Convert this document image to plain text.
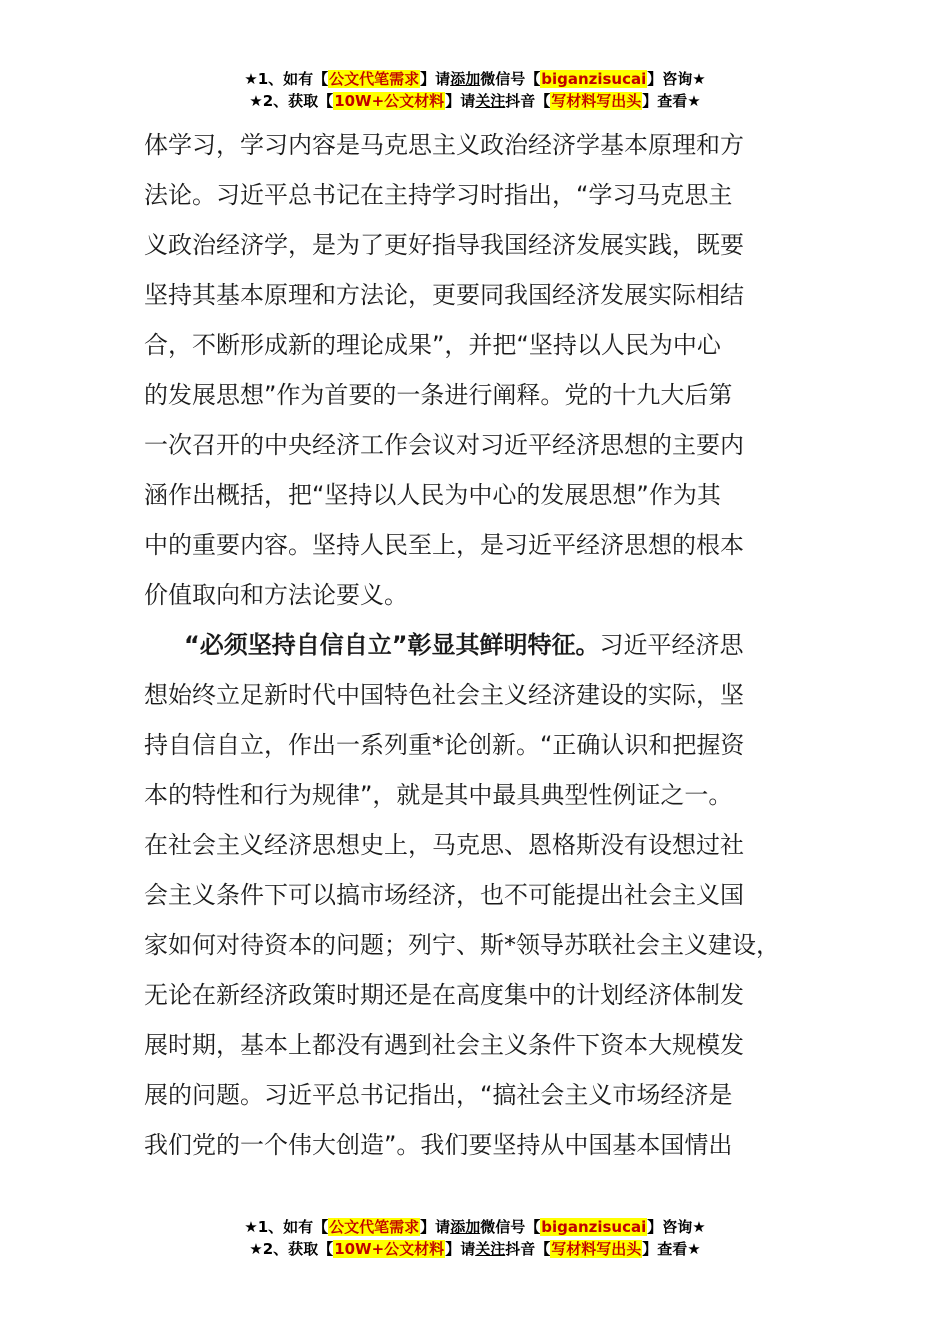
★1、如有【公文代笔需求】请添加微信号【biganzisucai】咨询★
★2、获取【10W+公文材料】请关注抖音【写材料写出头】查看★

体学习，学习内容是马克思主义政治经济学基本原理和方
法论。习近平总书记在主持学习时指出，“学习马克思主
义政治经济学，是为了更好指导我国经济发展实践，既要
坚持其基本原理和方法论，更要同我国经济发展实际相结
合，不断形成新的理论成果”，并把“坚持以人民为中心
的发展思想”作为首要的一条进行阐释。党的十九大后第
一次召开的中央经济工作会议对习近平经济思想的主要内
涵作出概括，把“坚持以人民为中心的发展思想”作为其
中的重要内容。坚持人民至上，是习近平经济思想的根本
价值取向和方法论要义。

“必须坚持自信自立”彰显其鲜明特征。习近平经济思
想始终立足新时代中国特色社会主义经济建设的实际，坚
持自信自立，作出一系列重*论创新。“正确认识和把握资
本的特性和行为规律”，就是其中最具典型性例证之一。
在社会主义经济思想史上，马克思、恩格斯没有设想过社
会主义条件下可以搞市场经济，也不可能提出社会主义国
家如何对待资本的问题；列宁、斯*领导苏联社会主义建设，
无论在新经济政策时期还是在高度集中的计划经济体制发
展时期，基本上都没有遇到社会主义条件下资本大规模发
展的问题。习近平总书记指出，“搞社会主义市场经济是
我们党的一个伟大创造”。我们要坚持从中国基本国情出

★1、如有【公文代笔需求】请添加微信号【biganzisucai】咨询★
★2、获取【10W+公文材料】请关注抖音【写材料写出头】查看★
